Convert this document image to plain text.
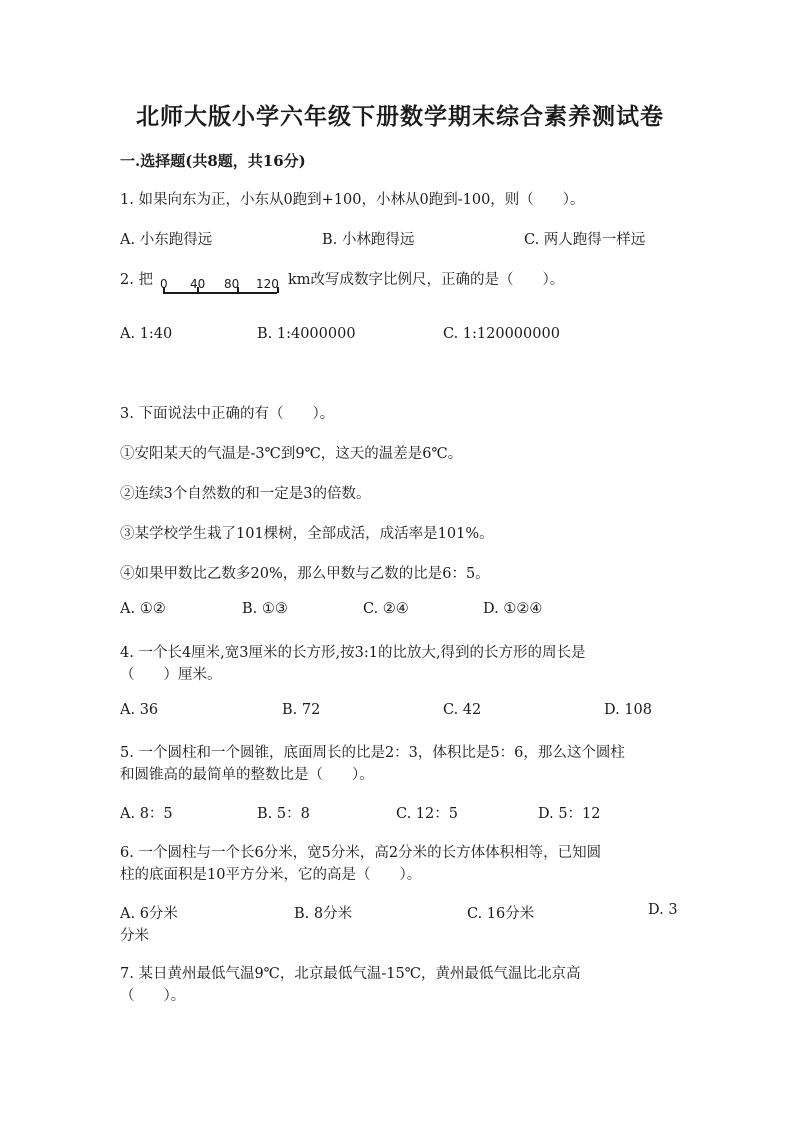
北师大版小学六年级下册数学期末综合素养测试卷
一.选择题(共8题，共16分)
1. 如果向东为正，小东从0跑到+100，小林从0跑到-100，则（　　）。
A. 小东跑得远	B. 小林跑得远	C. 两人跑得一样远
2. 把 0 40 80 120 km改写成数字比例尺，正确的是（　　）。
A. 1:40	B. 1:4000000	C. 1:120000000
3. 下面说法中正确的有（　　）。
①安阳某天的气温是-3℃到9℃，这天的温差是6℃。
②连续3个自然数的和一定是3的倍数。
③某学校学生栽了101棵树，全部成活，成活率是101%。
④如果甲数比乙数多20%，那么甲数与乙数的比是6：5。
A. ①②	B. ①③	C. ②④	D. ①②④
4. 一个长4厘米,宽3厘米的长方形,按3:1的比放大,得到的长方形的周长是
（　　）厘米。
A. 36	B. 72	C. 42	D. 108
5. 一个圆柱和一个圆锥，底面周长的比是2：3，体积比是5：6，那么这个圆柱
和圆锥高的最简单的整数比是（　　）。
A. 8：5	B. 5：8	C. 12：5	D. 5：12
6. 一个圆柱与一个长6分米，宽5分米，高2分米的长方体体积相等，已知圆
柱的底面积是10平方分米，它的高是（　　）。
A. 6分米	B. 8分米	C. 16分米	D. 3
分米
7. 某日黄州最低气温9℃，北京最低气温-15℃，黄州最低气温比北京高
（　　）。
